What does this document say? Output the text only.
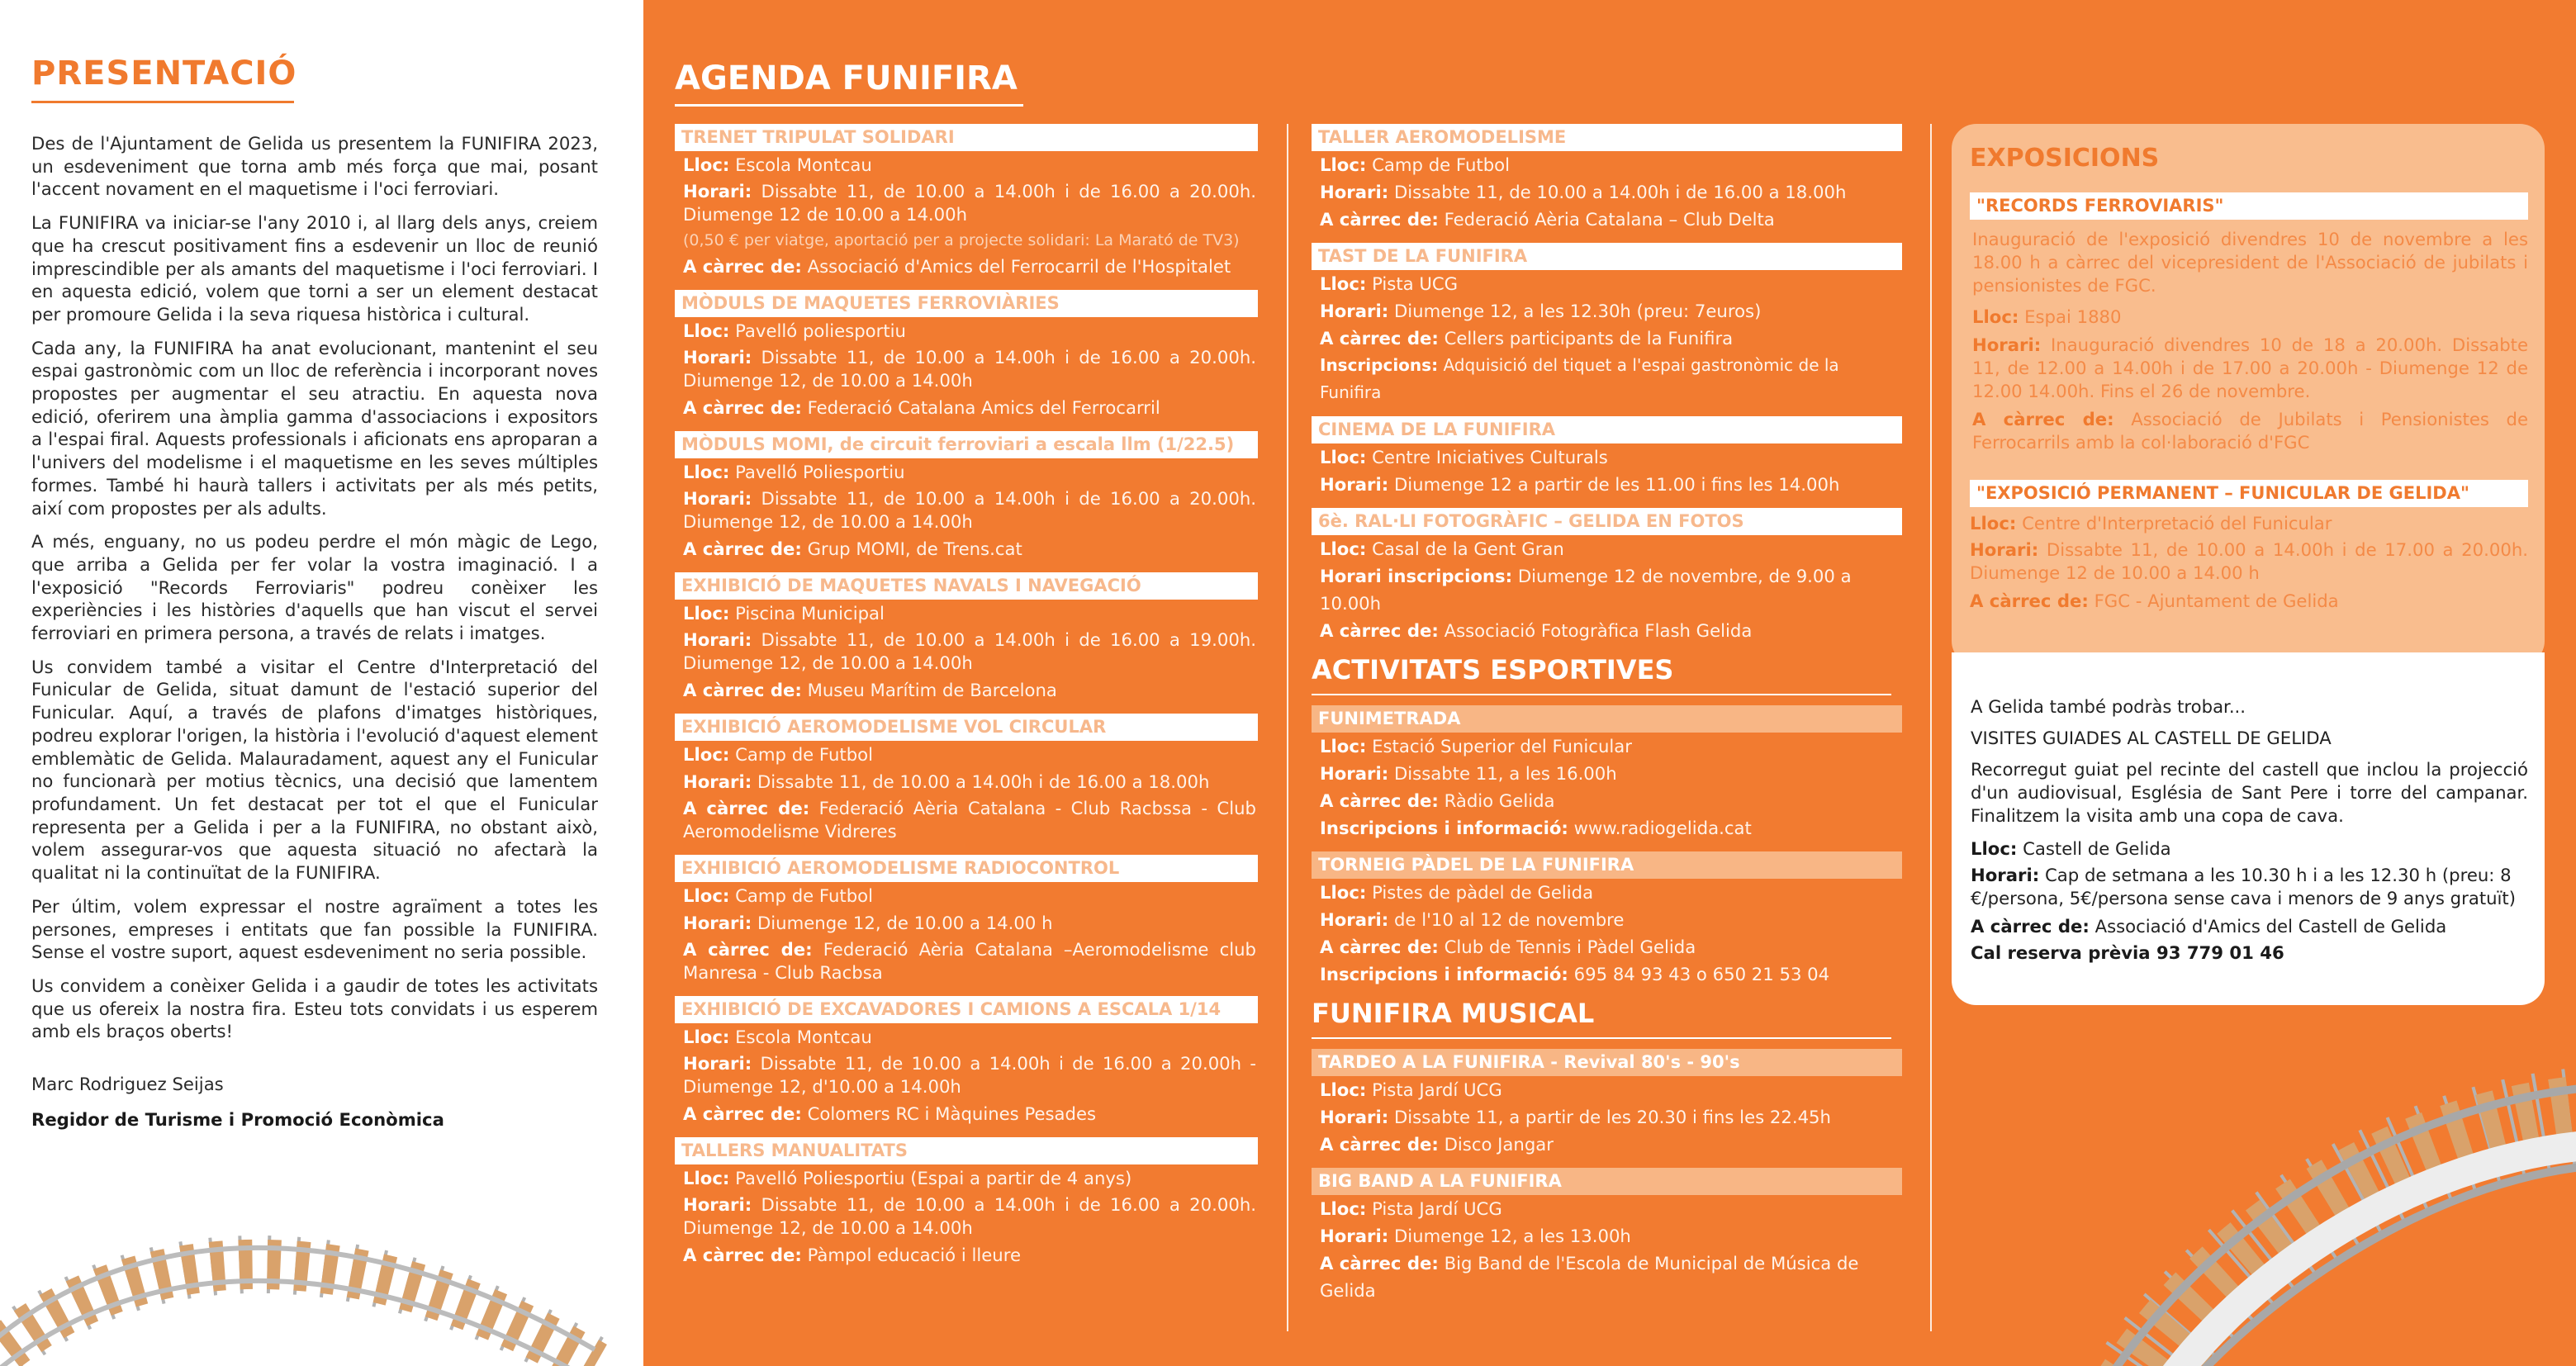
PRESENTACIÓ

Des de l'Ajuntament de Gelida us presentem la FUNIFIRA 2023, un esdeveniment que torna amb més força que mai, posant l'accent novament en el maquetisme i l'oci ferroviari.

La FUNIFIRA va iniciar-se l'any 2010 i, al llarg dels anys, creiem que ha crescut positivament fins a esdevenir un lloc de reunió imprescindible per als amants del maquetisme i l'oci ferroviari. I en aquesta edició, volem que torni a ser un element destacat per promoure Gelida i la seva riquesa històrica i cultural.

Cada any, la FUNIFIRA ha anat evolucionant, mantenint el seu espai gastronòmic com un lloc de referència i incorporant noves propostes per augmentar el seu atractiu. En aquesta nova edició, oferirem una àmplia gamma d'associacions i expositors a l'espai firal. Aquests professionals i aficionats ens apropаran a l'univers del modelisme i el maquetisme en les seves múltiples formes. També hi haurà tallers i activitats per als més petits, així com propostes per als adults.

A més, enguany, no us podeu perdre el món màgic de Lego, que arriba a Gelida per fer volar la vostra imaginació. I a l'exposició "Records Ferroviaris" podreu conèixer les experiències i les històries d'aquells que han viscut el servei ferroviari en primera persona, a través de relats i imatges.

Us convidem també a visitar el Centre d'Interpretació del Funicular de Gelida, situat damunt de l'estació superior del Funicular. Aquí, a través de plafons d'imatges històriques, podreu explorar l'origen, la història i l'evolució d'aquest element emblemàtic de Gelida. Malauradament, aquest any el Funicular no funcionarà per motius tècnics, una decisió que lamentem profundament. Un fet destacat per tot el que el Funicular representa per a Gelida i per a la FUNIFIRA, no obstant això, volem assegurar-vos que aquesta situació no afectarà la qualitat ni la continuïtat de la FUNIFIRA.

Per últim, volem expressar el nostre agraïment a totes les persones, empreses i entitats que fan possible la FUNIFIRA. Sense el vostre suport, aquest esdeveniment no seria possible.

Us convidem a conèixer Gelida i a gaudir de totes les activitats que us ofereix la nostra fira. Esteu tots convidats i us esperem amb els braços oberts!

Marc Rodriguez Seijas
Regidor de Turisme i Promoció Econòmica
AGENDA FUNIFIRA
TRENET TRIPULAT SOLIDARI
Lloc: Escola Montcau
Horari: Dissabte 11, de 10.00 a 14.00h i de 16.00 a 20.00h. Diumenge 12 de 10.00 a 14.00h
(0,50 € per viatge, aportació per a projecte solidari: La Marató de TV3)
A càrrec de: Associació d'Amics del Ferrocarril de l'Hospitalet
MÒDULS DE MAQUETES FERROVIÀRIES
Lloc: Pavelló poliesportiu
Horari: Dissabte 11, de 10.00 a 14.00h i de 16.00 a 20.00h. Diumenge 12, de 10.00 a 14.00h
A càrrec de: Federació Catalana Amics del Ferrocarril
MÒDULS MOMI, de circuit ferroviari a escala llm (1/22.5)
Lloc: Pavelló Poliesportiu
Horari: Dissabte 11, de 10.00 a 14.00h i de 16.00 a 20.00h. Diumenge 12, de 10.00 a 14.00h
A càrrec de: Grup MOMI, de Trens.cat
EXHIBICIÓ DE MAQUETES NAVALS I NAVEGACIÓ
Lloc: Piscina Municipal
Horari: Dissabte 11, de 10.00 a 14.00h i de 16.00 a 19.00h. Diumenge 12, de 10.00 a 14.00h
A càrrec de: Museu Marítim de Barcelona
EXHIBICIÓ AEROMODELISME VOL CIRCULAR
Lloc: Camp de Futbol
Horari: Dissabte 11, de 10.00 a 14.00h i de 16.00 a 18.00h
A càrrec de: Federació Aèria Catalana - Club Racbssa - Club Aeromodelisme Vidreres
EXHIBICIÓ AEROMODELISME RADIOCONTROL
Lloc: Camp de Futbol
Horari: Diumenge 12, de 10.00 a 14.00 h
A càrrec de: Federació Aèria Catalana –Aeromodelisme club Manresa - Club Racbsa
EXHIBICIÓ DE EXCAVADORES I CAMIONS A ESCALA 1/14
Lloc: Escola Montcau
Horari: Dissabte 11, de 10.00 a 14.00h i de 16.00 a 20.00h - Diumenge 12, d'10.00 a 14.00h
A càrrec de: Colomers RC i Màquines Pesades
TALLERS MANUALITATS
Lloc: Pavelló Poliesportiu (Espai a partir de 4 anys)
Horari: Dissabte 11, de 10.00 a 14.00h i de 16.00 a 20.00h. Diumenge 12, de 10.00 a 14.00h
A càrrec de: Pàmpol educació i lleure
TALLER AEROMODELISME
Lloc: Camp de Futbol
Horari: Dissabte 11, de 10.00 a 14.00h i de 16.00 a 18.00h
A càrrec de: Federació Aèria Catalana – Club Delta
TAST DE LA FUNIFIRA
Lloc: Pista UCG
Horari: Diumenge 12, a les 12.30h (preu: 7euros)
A càrrec de: Cellers participants de la Funifira
Inscripcions: Adquisició del tiquet a l'espai gastronòmic de la Funifira
CINEMA DE LA FUNIFIRA
Lloc: Centre Iniciatives Culturals
Horari: Diumenge 12 a partir de les 11.00 i fins les 14.00h
6è. RAL·LI FOTOGRÀFIC – GELIDA EN FOTOS
Lloc: Casal de la Gent Gran
Horari inscripcions: Diumenge 12 de novembre, de 9.00 a 10.00h
A càrrec de: Associació Fotogràfica Flash Gelida
ACTIVITATS ESPORTIVES
FUNIMETRADA
Lloc: Estació Superior del Funicular
Horari: Dissabte 11, a les 16.00h
A càrrec de: Ràdio Gelida
Inscripcions i informació: www.radiogelida.cat
TORNEIG PÀDEL DE LA FUNIFIRA
Lloc: Pistes de pàdel de Gelida
Horari: de l'10 al 12 de novembre
A càrrec de: Club de Tennis i Pàdel Gelida
Inscripcions i informació: 695 84 93 43 o 650 21 53 04
FUNIFIRA MUSICAL
TARDEO A LA FUNIFIRA - Revival 80's - 90's
Lloc: Pista Jardí UCG
Horari: Dissabte 11, a partir de les 20.30 i fins les 22.45h
A càrrec de: Disco Jangar
BIG BAND A LA FUNIFIRA
Lloc: Pista Jardí UCG
Horari: Diumenge 12, a les 13.00h
A càrrec de: Big Band de l'Escola de Municipal de Música de Gelida
EXPOSICIONS
"RECORDS FERROVIARIS"
Inauguració de l'exposició divendres 10 de novembre a les 18.00 h a càrrec del vicepresident de l'Associació de jubilats i pensionistes de FGC.
Lloc: Espai 1880
Horari: Inauguració divendres 10 de 18 a 20.00h. Dissabte 11, de 12.00 a 14.00h i de 17.00 a 20.00h - Diumenge 12 de 12.00 14.00h. Fins el 26 de novembre.
A càrrec de: Associació de Jubilats i Pensionistes de Ferrocarrils amb la col·laboració d'FGC
"EXPOSICIÓ PERMANENT – FUNICULAR DE GELIDA"
Lloc: Centre d'Interpretació del Funicular
Horari: Dissabte 11, de 10.00 a 14.00h i de 17.00 a 20.00h. Diumenge 12 de 10.00 a 14.00 h
A càrrec de: FGC - Ajuntament de Gelida
A Gelida també podràs trobar...
VISITES GUIADES AL CASTELL DE GELIDA
Recorregut guiat pel recinte del castell que inclou la projecció d'un audiovisual, Església de Sant Pere i torre del campanar. Finalitzem la visita amb una copa de cava.
Lloc: Castell de Gelida
Horari: Cap de setmana a les 10.30 h i a les 12.30 h (preu: 8 €/persona, 5€/persona sense cava i menors de 9 anys gratuït)
A càrrec de: Associació d'Amics del Castell de Gelida
Cal reserva prèvia 93 779 01 46
